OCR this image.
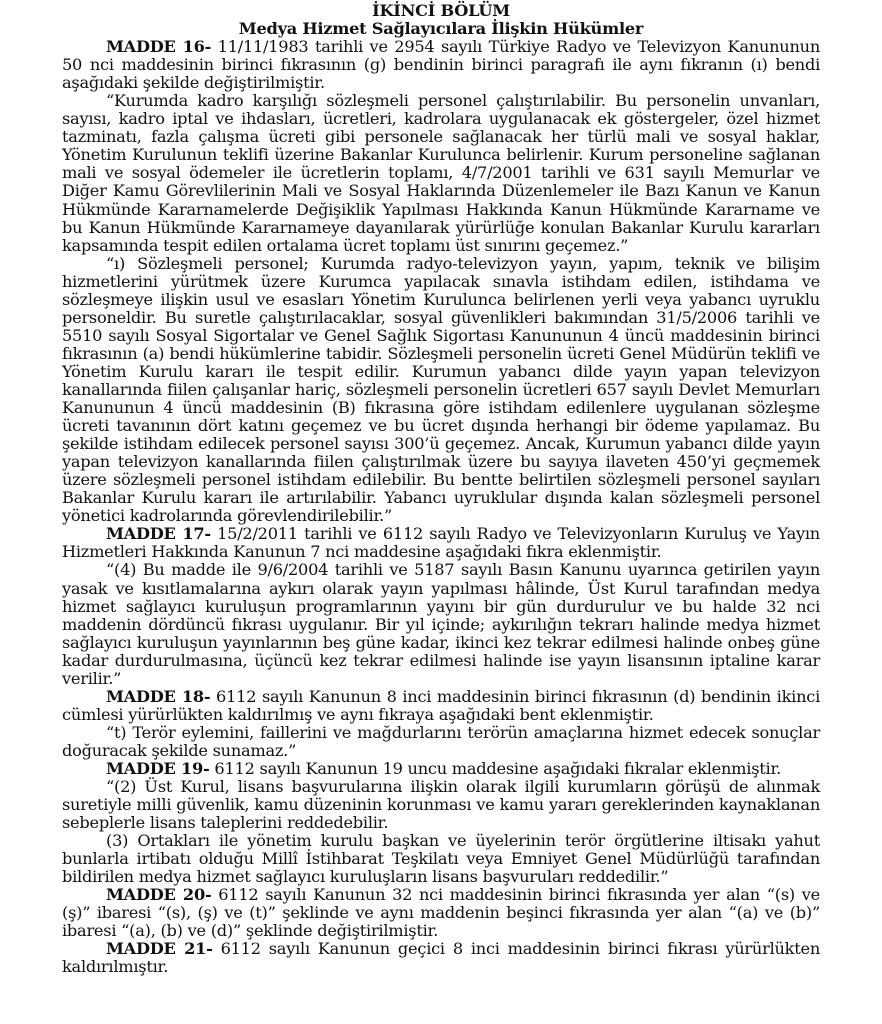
İKİNCİ BÖLÜM
Medya Hizmet Sağlayıcılara İlişkin Hükümler

MADDE 16- 11/11/1983 tarihli ve 2954 sayılı Türkiye Radyo ve Televizyon Kanununun 50 nci maddesinin birinci fıkrasının (g) bendinin birinci paragrafı ile aynı fıkranın (ı) bendi aşağıdaki şekilde değiştirilmiştir.

“Kurumda kadro karşılığı sözleşmeli personel çalıştırılabilir. Bu personelin unvanları, sayısı, kadro iptal ve ihdasları, ücretleri, kadrolara uygulanacak ek göstergeler, özel hizmet tazminatı, fazla çalışma ücreti gibi personele sağlanacak her türlü mali ve sosyal haklar, Yönetim Kurulunun teklifi üzerine Bakanlar Kurulunca belirlenir. Kurum personeline sağlanan mali ve sosyal ödemeler ile ücretlerin toplamı, 4/7/2001 tarihli ve 631 sayılı Memurlar ve Diğer Kamu Görevlilerinin Mali ve Sosyal Haklarında Düzenlemeler ile Bazı Kanun ve Kanun Hükmünde Kararnamelerde Değişiklik Yapılması Hakkında Kanun Hükmünde Kararname ve bu Kanun Hükmünde Kararnameye dayanılarak yürürlüğe konulan Bakanlar Kurulu kararları kapsamında tespit edilen ortalama ücret toplamı üst sınırını geçemez.”

“ı) Sözleşmeli personel; Kurumda radyo-televizyon yayın, yapım, teknik ve bilişim hizmetlerini yürütmek üzere Kurumca yapılacak sınavla istihdam edilen, istihdama ve sözleşmeye ilişkin usul ve esasları Yönetim Kurulunca belirlenen yerli veya yabancı uyruklu personeldir. Bu suretle çalıştırılacaklar, sosyal güvenlikleri bakımından 31/5/2006 tarihli ve 5510 sayılı Sosyal Sigortalar ve Genel Sağlık Sigortası Kanununun 4 üncü maddesinin birinci fıkrasının (a) bendi hükümlerine tabidir. Sözleşmeli personelin ücreti Genel Müdürün teklifi ve Yönetim Kurulu kararı ile tespit edilir. Kurumun yabancı dilde yayın yapan televizyon kanallarında fiilen çalışanlar hariç, sözleşmeli personelin ücretleri 657 sayılı Devlet Memurları Kanununun 4 üncü maddesinin (B) fıkrasına göre istihdam edilenlere uygulanan sözleşme ücreti tavanının dört katını geçemez ve bu ücret dışında herhangi bir ödeme yapılamaz. Bu şekilde istihdam edilecek personel sayısı 300’ü geçemez. Ancak, Kurumun yabancı dilde yayın yapan televizyon kanallarında fiilen çalıştırılmak üzere bu sayıya ilaveten 450’yi geçmemek üzere sözleşmeli personel istihdam edilebilir. Bu bentte belirtilen sözleşmeli personel sayıları Bakanlar Kurulu kararı ile artırılabilir. Yabancı uyruklular dışında kalan sözleşmeli personel yönetici kadrolarında görevlendirilebilir.”

MADDE 17- 15/2/2011 tarihli ve 6112 sayılı Radyo ve Televizyonların Kuruluş ve Yayın Hizmetleri Hakkında Kanunun 7 nci maddesine aşağıdaki fıkra eklenmiştir.

“(4) Bu madde ile 9/6/2004 tarihli ve 5187 sayılı Basın Kanunu uyarınca getirilen yayın yasak ve kısıtlamalarına aykırı olarak yayın yapılması hâlinde, Üst Kurul tarafından medya hizmet sağlayıcı kuruluşun programlarının yayını bir gün durdurulur ve bu halde 32 nci maddenin dördüncü fıkrası uygulanır. Bir yıl içinde; aykırılığın tekrarı halinde medya hizmet sağlayıcı kuruluşun yayınlarının beş güne kadar, ikinci kez tekrar edilmesi halinde onbeş güne kadar durdurulmasına, üçüncü kez tekrar edilmesi halinde ise yayın lisansının iptaline karar verilir.”

MADDE 18- 6112 sayılı Kanunun 8 inci maddesinin birinci fıkrasının (d) bendinin ikinci cümlesi yürürlükten kaldırılmış ve aynı fıkraya aşağıdaki bent eklenmiştir.

“t) Terör eylemini, faillerini ve mağdurlarını terörün amaçlarına hizmet edecek sonuçlar doğuracak şekilde sunamaz.”

MADDE 19- 6112 sayılı Kanunun 19 uncu maddesine aşağıdaki fıkralar eklenmiştir.

“(2) Üst Kurul, lisans başvurularına ilişkin olarak ilgili kurumların görüşü de alınmak suretiyle milli güvenlik, kamu düzeninin korunması ve kamu yararı gereklerinden kaynaklanan sebeplerle lisans taleplerini reddedebilir.

(3) Ortakları ile yönetim kurulu başkan ve üyelerinin terör örgütlerine iltisakı yahut bunlarla irtibatı olduğu Millî İstihbarat Teşkilatı veya Emniyet Genel Müdürlüğü tarafından bildirilen medya hizmet sağlayıcı kuruluşların lisans başvuruları reddedilir.”

MADDE 20- 6112 sayılı Kanunun 32 nci maddesinin birinci fıkrasında yer alan “(s) ve (ş)” ibaresi “(s), (ş) ve (t)” şeklinde ve aynı maddenin beşinci fıkrasında yer alan “(a) ve (b)” ibaresi “(a), (b) ve (d)” şeklinde değiştirilmiştir.

MADDE 21- 6112 sayılı Kanunun geçici 8 inci maddesinin birinci fıkrası yürürlükten kaldırılmıştır.
